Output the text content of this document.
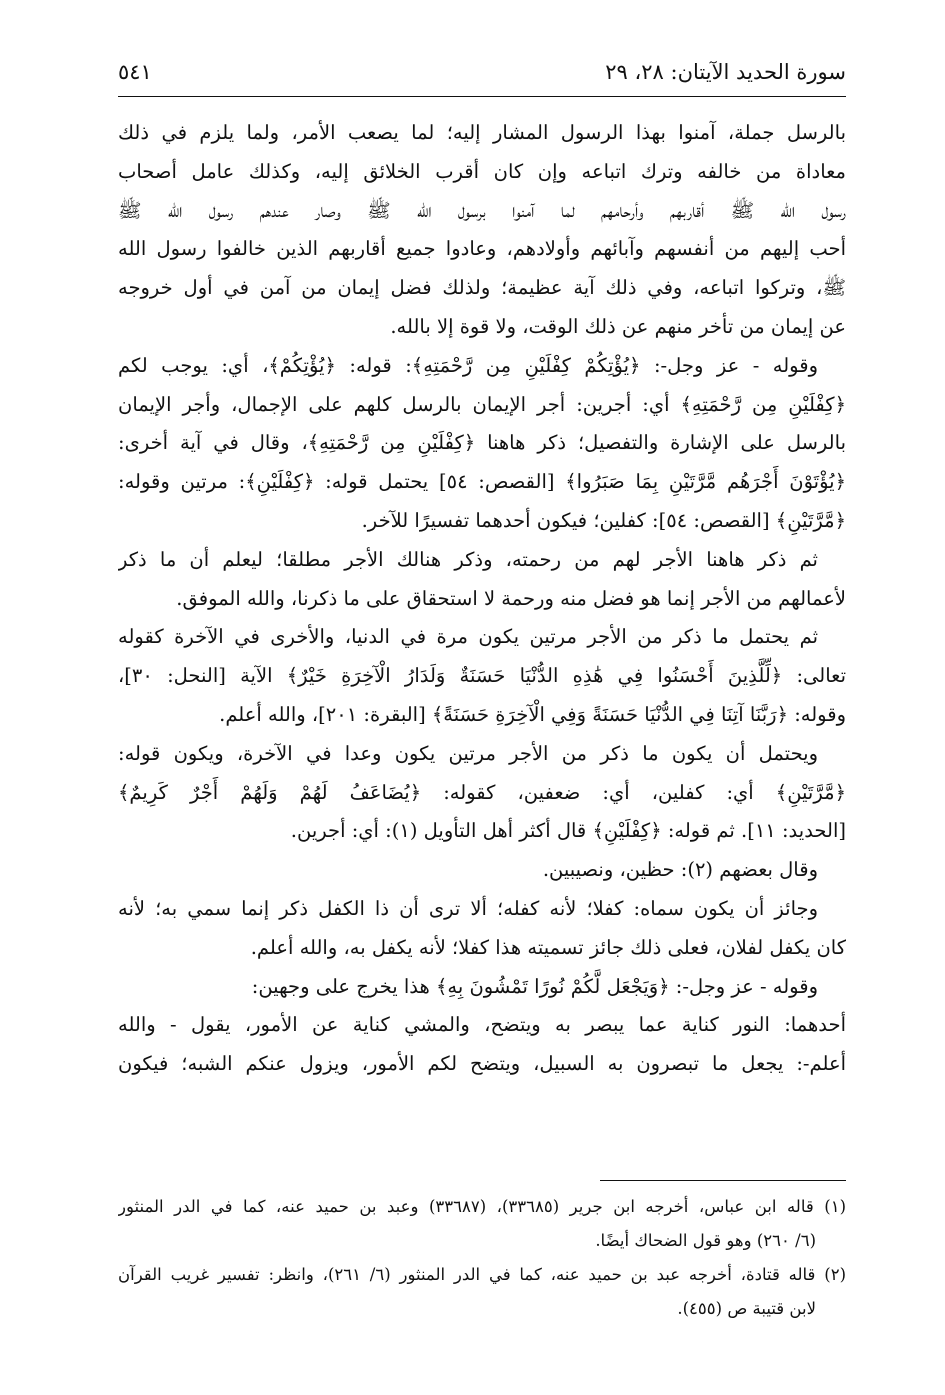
سورة الحديد الآيتان: ٢٨، ٢٩
٥٤١
بالرسل جملة، آمنوا بهذا الرسول المشار إليه؛ لما يصعب الأمر، ولما يلزم في ذلك
معاداة من خالفه وترك اتباعه وإن كان أقرب الخلائق إليه، وكذلك عامل أصحاب
رسول الله ﷺ أقاربهم وأرحامهم لما آمنوا برسول الله ﷺ وصار عندهم رسول الله ﷺ
أحب إليهم من أنفسهم وآبائهم وأولادهم، وعادوا جميع أقاربهم الذين خالفوا رسول الله
ﷺ، وتركوا اتباعه، وفي ذلك آية عظيمة؛ ولذلك فضل إيمان من آمن في أول خروجه
عن إيمان من تأخر منهم عن ذلك الوقت، ولا قوة إلا بالله.
وقوله - عز وجل-: ﴿يُؤْتِكُمْ كِفْلَيْنِ مِن رَّحْمَتِهِ﴾: قوله: ﴿يُؤْتِكُمْ﴾، أي: يوجب لكم
﴿كِفْلَيْنِ مِن رَّحْمَتِهِ﴾ أي: أجرين: أجر الإيمان بالرسل كلهم على الإجمال، وأجر الإيمان
بالرسل على الإشارة والتفصيل؛ ذكر هاهنا ﴿كِفْلَيْنِ مِن رَّحْمَتِهِ﴾، وقال في آية أخرى:
﴿يُؤْتَوْنَ أَجْرَهُم مَّرَّتَيْنِ بِمَا صَبَرُوا﴾ [القصص: ٥٤] يحتمل قوله: ﴿كِفْلَيْنِ﴾: مرتين وقوله:
﴿مَّرَّتَيْنِ﴾ [القصص: ٥٤]: كفلين؛ فيكون أحدهما تفسيرًا للآخر.
ثم ذكر هاهنا الأجر لهم من رحمته، وذكر هنالك الأجر مطلقا؛ ليعلم أن ما ذكر
لأعمالهم من الأجر إنما هو فضل منه ورحمة لا استحقاق على ما ذكرنا، والله الموفق.
ثم يحتمل ما ذكر من الأجر مرتين يكون مرة في الدنيا، والأخرى في الآخرة كقوله
تعالى: ﴿لِّلَّذِينَ أَحْسَنُوا فِي هَٰذِهِ الدُّنْيَا حَسَنَةٌ وَلَدَارُ الْآخِرَةِ خَيْرٌ﴾ الآية [النحل: ٣٠]،
وقوله: ﴿رَبَّنَا آتِنَا فِي الدُّنْيَا حَسَنَةً وَفِي الْآخِرَةِ حَسَنَةً﴾ [البقرة: ٢٠١]، والله أعلم.
ويحتمل أن يكون ما ذكر من الأجر مرتين يكون وعدا في الآخرة، ويكون قوله:
﴿مَّرَّتَيْنِ﴾ أي: كفلين، أي: ضعفين، كقوله: ﴿يُضَاعَفُ لَهُمْ وَلَهُمْ أَجْرٌ كَرِيمٌ﴾
[الحديد: ١١]. ثم قوله: ﴿كِفْلَيْنِ﴾ قال أكثر أهل التأويل (١): أي: أجرين.
وقال بعضهم (٢): حظين، ونصيبين.
وجائز أن يكون سماه: كفلا؛ لأنه كفله؛ ألا ترى أن ذا الكفل ذكر إنما سمي به؛ لأنه
كان يكفل لفلان، فعلى ذلك جائز تسميته هذا كفلا؛ لأنه يكفل به، والله أعلم.
وقوله - عز وجل-: ﴿وَيَجْعَل لَّكُمْ نُورًا تَمْشُونَ بِهِ﴾ هذا يخرج على وجهين:
أحدهما: النور كناية عما يبصر به ويتضح، والمشي كناية عن الأمور، يقول - والله
أعلم-: يجعل ما تبصرون به السبيل، ويتضح لكم الأمور، ويزول عنكم الشبه؛ فيكون
(١) قاله ابن عباس، أخرجه ابن جرير (٣٣٦٨٥)، (٣٣٦٨٧) وعبد بن حميد عنه، كما في الدر المنثور
(٦/ ٢٦٠) وهو قول الضحاك أيضًا.
(٢) قاله قتادة، أخرجه عبد بن حميد عنه، كما في الدر المنثور (٦/ ٢٦١)، وانظر: تفسير غريب القرآن
لابن قتيبة ص (٤٥٥).
